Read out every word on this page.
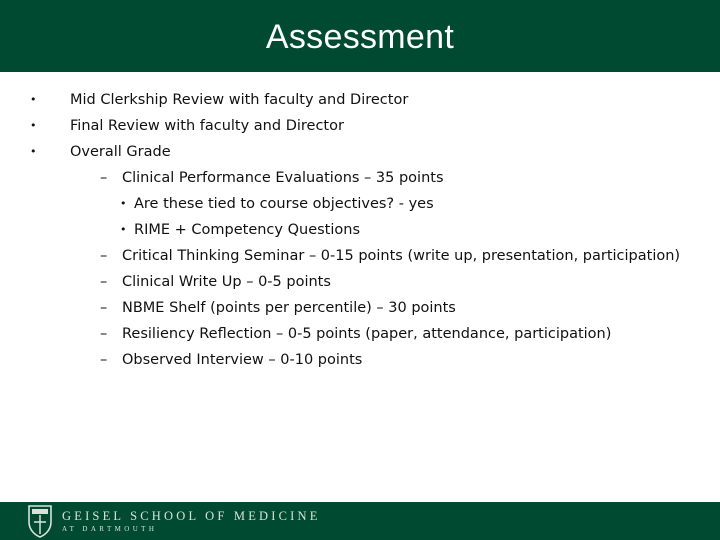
Assessment
• Mid Clerkship Review with faculty and Director
• Final Review with faculty and Director
• Overall Grade
– Clinical Performance Evaluations – 35 points
• Are these tied to course objectives? - yes
• RIME + Competency Questions
– Critical Thinking Seminar – 0-15 points (write up, presentation, participation)
– Clinical Write Up – 0-5 points
– NBME Shelf (points per percentile) – 30 points
– Resiliency Reflection – 0-5 points (paper, attendance, participation)
– Observed Interview – 0-10 points
GEISEL SCHOOL OF MEDICINE
AT DARTMOUTH
